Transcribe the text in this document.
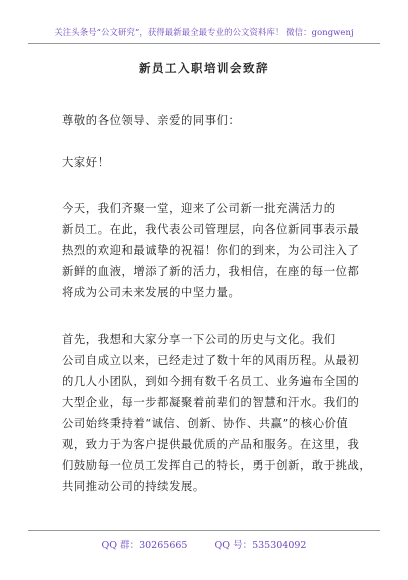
关注头条号“公文研究”，获得最新最全最专业的公文资料库！ 微信：gongwenj
新员工入职培训会致辞

尊敬的各位领导、亲爱的同事们：

大家好！

今天，我们齐聚一堂，迎来了公司新一批充满活力的

新员工。在此，我代表公司管理层，向各位新同事表示最

热烈的欢迎和最诚挚的祝福！你们的到来，为公司注入了

新鲜的血液，增添了新的活力，我相信，在座的每一位都

将成为公司未来发展的中坚力量。

首先，我想和大家分享一下公司的历史与文化。我们

公司自成立以来，已经走过了数十年的风雨历程。从最初

的几人小团队，到如今拥有数千名员工、业务遍布全国的

大型企业，每一步都凝聚着前辈们的智慧和汗水。我们的

公司始终秉持着“诚信、创新、协作、共赢”的核心价值

观，致力于为客户提供最优质的产品和服务。在这里，我

们鼓励每一位员工发挥自己的特长，勇于创新，敢于挑战，

共同推动公司的持续发展。

QQ 群：30265665	QQ 号：535304092
